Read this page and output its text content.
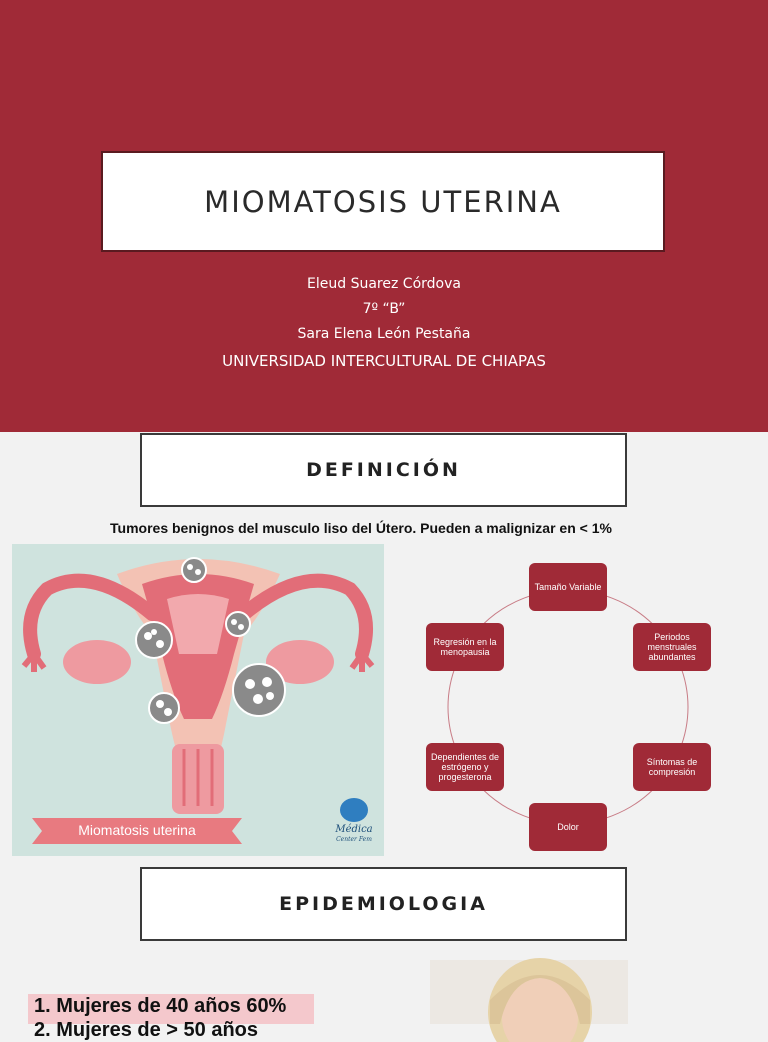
MIOMATOSIS UTERINA
Eleud Suarez Córdova
7º “B”
Sara Elena León Pestaña
UNIVERSIDAD INTERCULTURAL DE CHIAPAS
DEFINICIÓN
Tumores benignos del musculo liso del Útero. Pueden a malignizar en < 1%
Miomatosis uterina	Médica
Center Fem
Tamaño Variable
Periodos menstruales abundantes
Síntomas de compresión
Dolor
Dependientes de estrógeno y progesterona
Regresión en la menopausia
EPIDEMIOLOGIA
1. Mujeres de 40 años 60%
2. Mujeres de > 50 años
